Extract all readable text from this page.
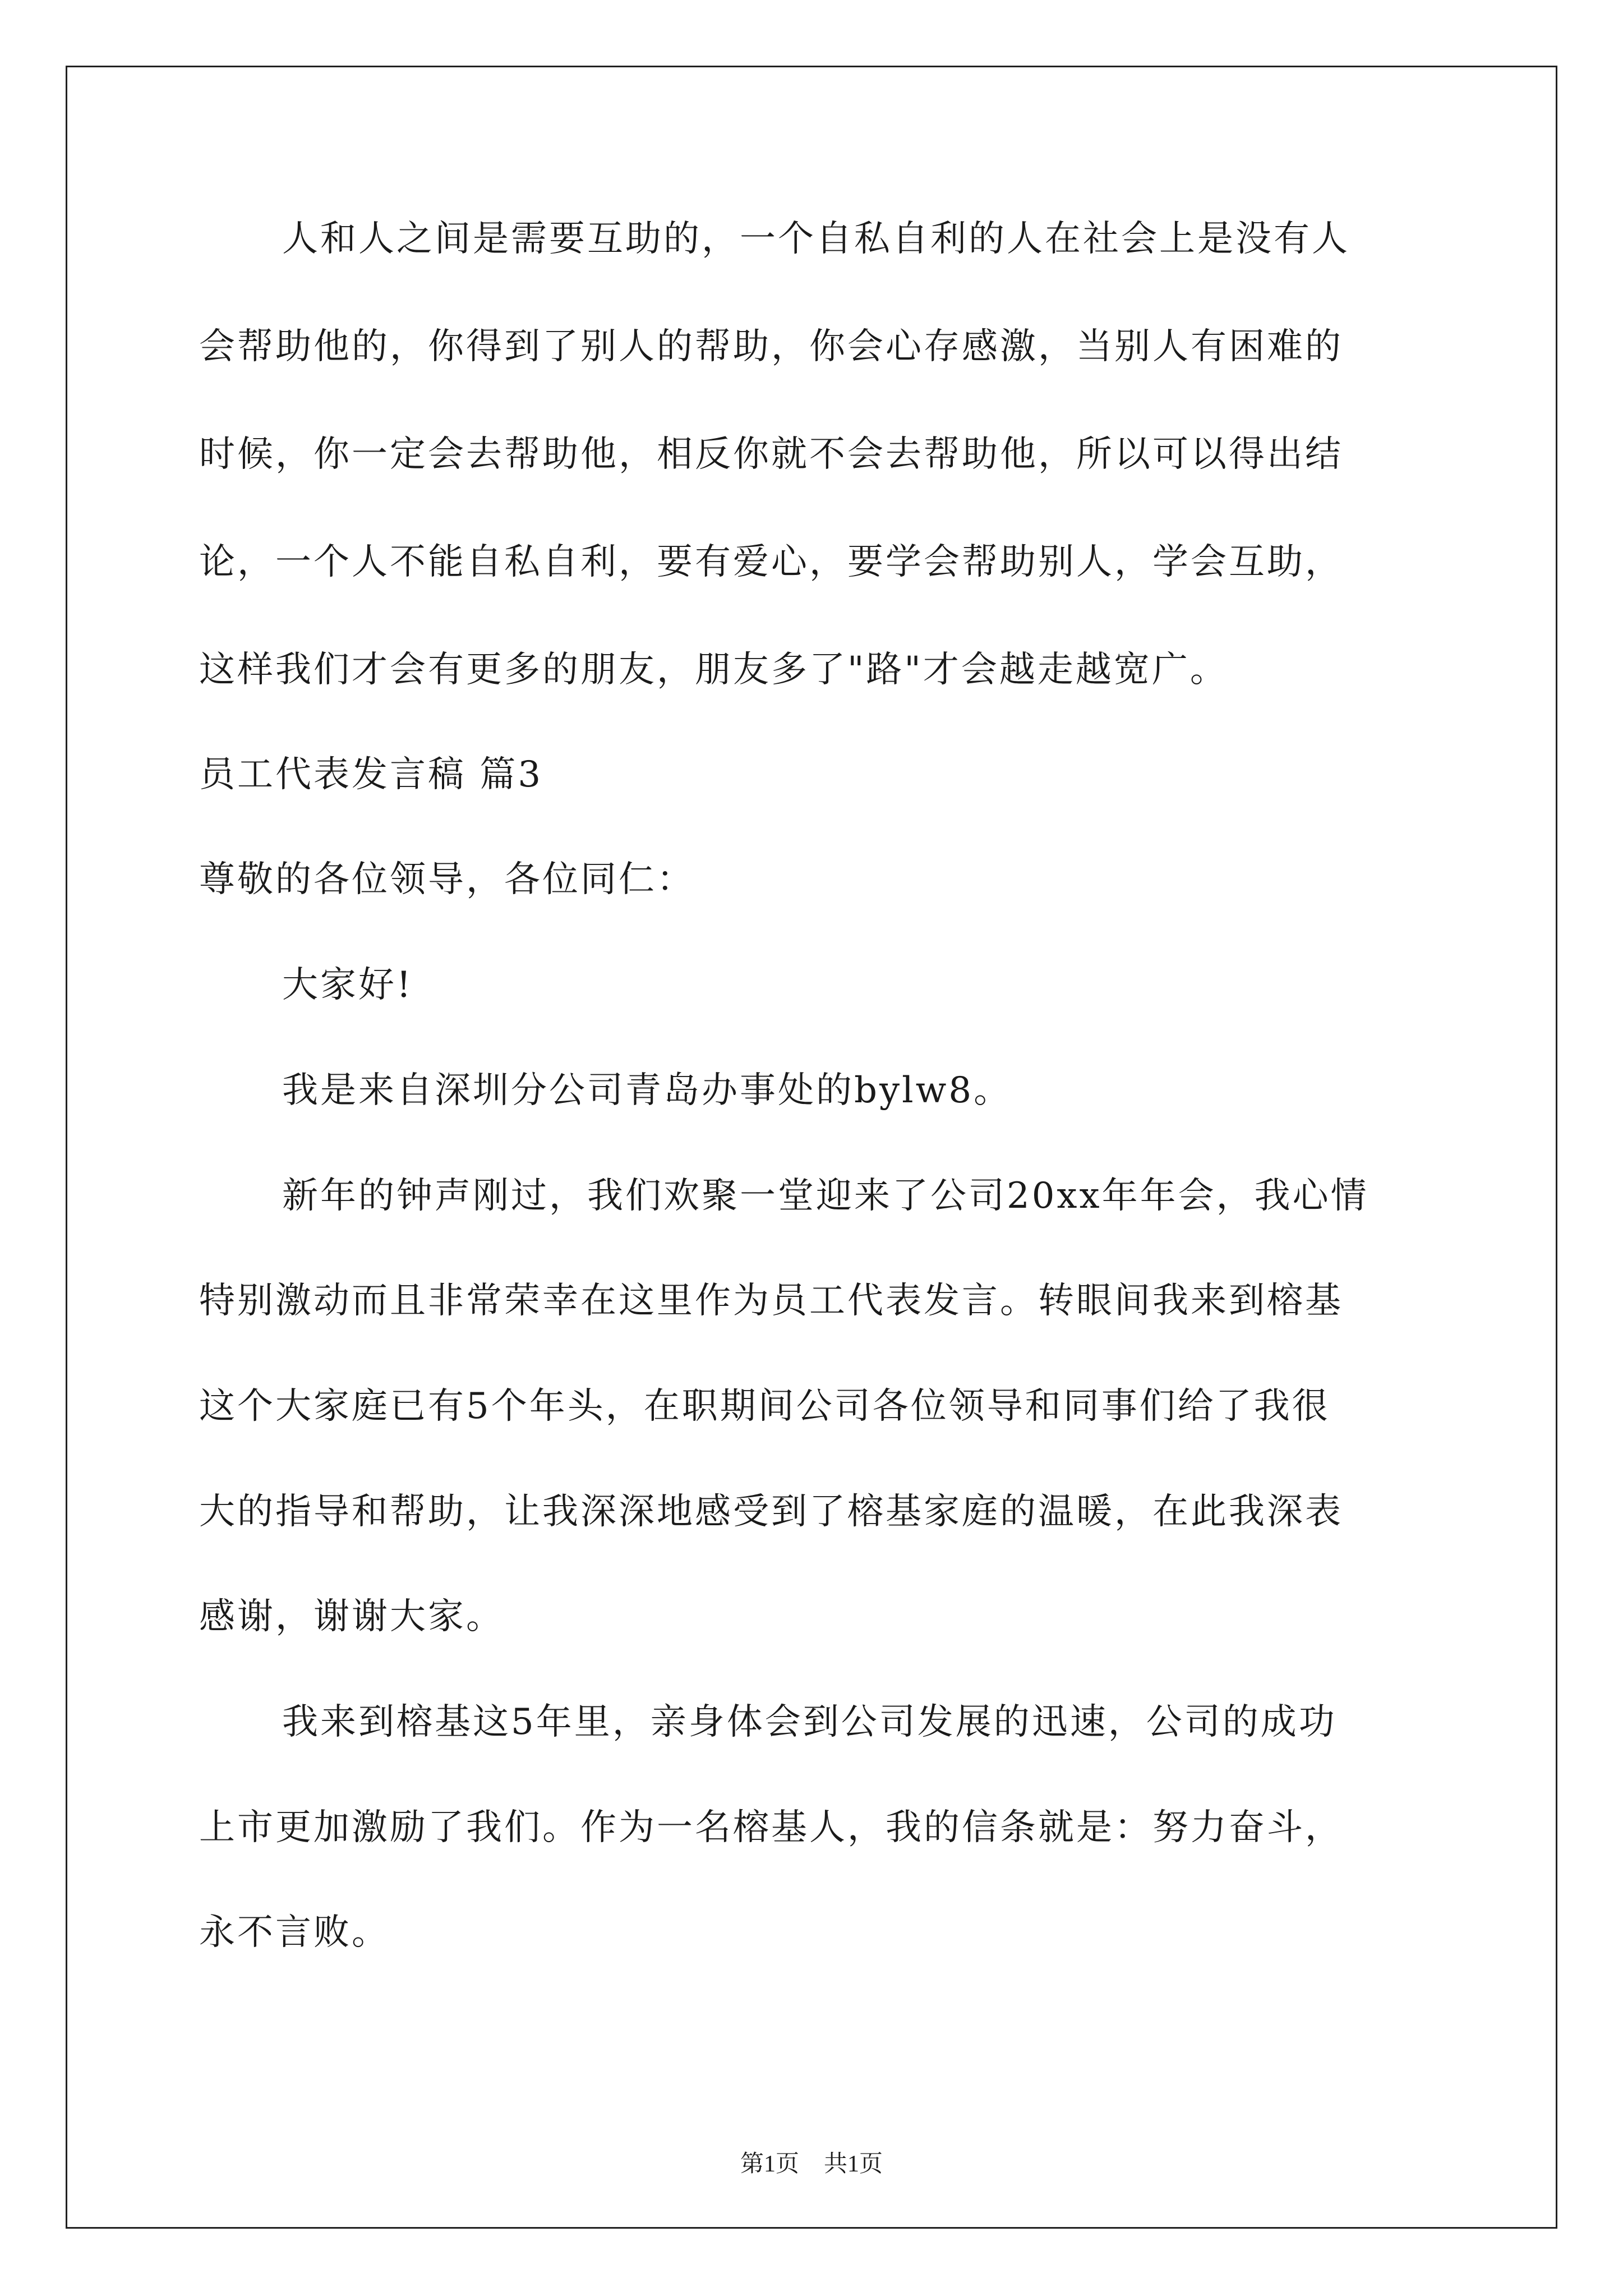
人和人之间是需要互助的，一个自私自利的人在社会上是没有人
会帮助他的，你得到了别人的帮助，你会心存感激，当别人有困难的
时候，你一定会去帮助他，相反你就不会去帮助他，所以可以得出结
论，一个人不能自私自利，要有爱心，要学会帮助别人，学会互助，
这样我们才会有更多的朋友，朋友多了"路"才会越走越宽广。
员工代表发言稿 篇3
尊敬的各位领导，各位同仁：
大家好!
我是来自深圳分公司青岛办事处的bylw8。
新年的钟声刚过，我们欢聚一堂迎来了公司20xx年年会，我心情
特别激动而且非常荣幸在这里作为员工代表发言。转眼间我来到榕基
这个大家庭已有5个年头，在职期间公司各位领导和同事们给了我很
大的指导和帮助，让我深深地感受到了榕基家庭的温暖，在此我深表
感谢，谢谢大家。
我来到榕基这5年里，亲身体会到公司发展的迅速，公司的成功
上市更加激励了我们。作为一名榕基人，我的信条就是：努力奋斗，
永不言败。
第1页 共1页
